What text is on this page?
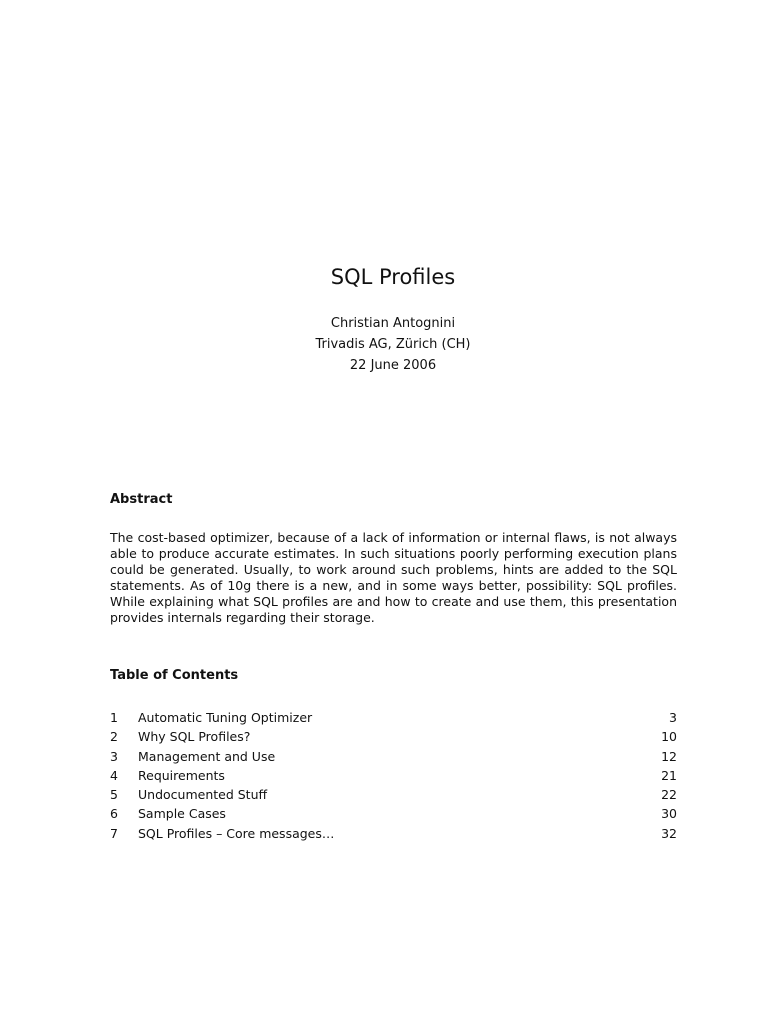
SQL Profiles
Christian Antognini
Trivadis AG, Zürich (CH)
22 June 2006
Abstract

The cost-based optimizer, because of a lack of information or internal flaws, is not always able to produce accurate estimates. In such situations poorly performing execution plans could be generated. Usually, to work around such problems, hints are added to the SQL statements. As of 10g there is a new, and in some ways better, possibility: SQL profiles. While explaining what SQL profiles are and how to create and use them, this presentation provides internals regarding their storage.

Table of Contents
1	Automatic Tuning Optimizer	3
2	Why SQL Profiles?	10
3	Management and Use	12
4	Requirements	21
5	Undocumented Stuff	22
6	Sample Cases	30
7	SQL Profiles – Core messages…	32
